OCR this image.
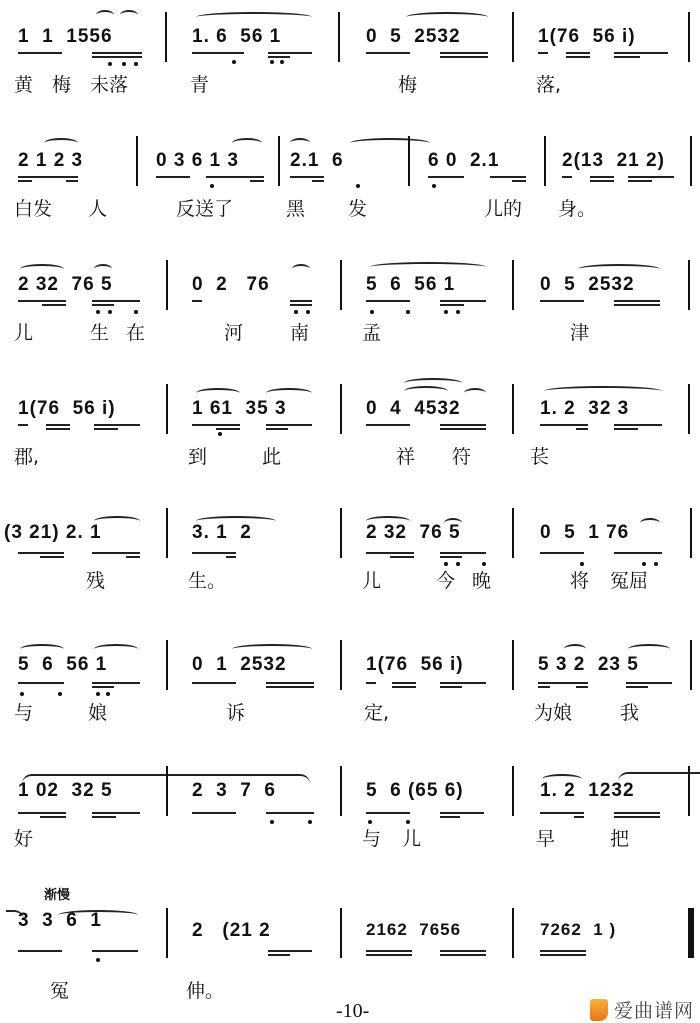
1  1  1556
黄 梅 未落
1. 6  56 1
青
0  5  2532
梅
1(76  56 i)
落,
2 1 2 3
白发 人
0 3 6 1 3
反送了
2.1  6
黑 发
6 0  2.1
儿的
2(13  21 2)
身。
2 32  76 5
儿	生 在
0  2   76
河 南
5  6  56 1
孟
0  5  2532
津
1(76  56 i)
郡,
1 61  35 3
到	此
0  4  4532
祥 符
1. 2  32 3
苌
(3 21) 2. 1
残
3. 1  2
生。
2 32  76 5
儿	今 晚
0  5  1 76
将 冤屈
5  6  56 1
与	娘
0  1  2532
诉
1(76  56 i)
定,
5 3 2  23 5
为娘	我
1 02  32 5
好
2  3  7  6	5  6 (65 6)
与 儿
1. 2  1232
早	把
渐慢
3  3  6  1
冤
2   (21 2
伸。
2162  7656	7262  1 )
-10-	爱曲谱网
